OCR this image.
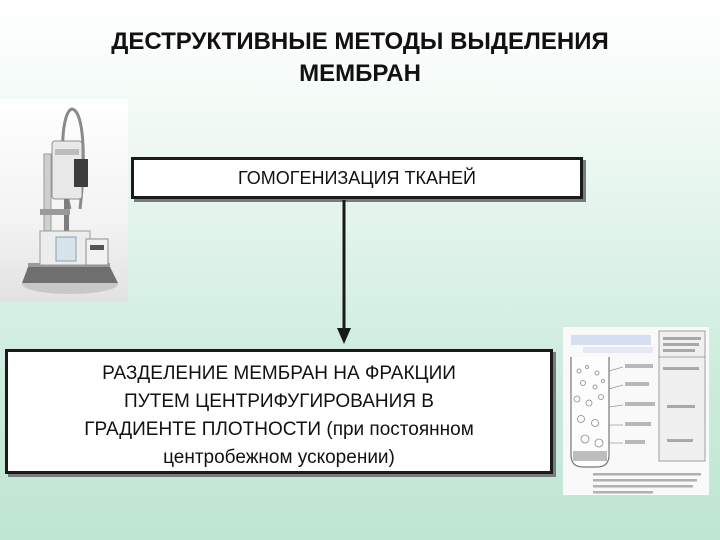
ДЕСТРУКТИВНЫЕ МЕТОДЫ ВЫДЕЛЕНИЯ
МЕМБРАН
ГОМОГЕНИЗАЦИЯ ТКАНЕЙ
РАЗДЕЛЕНИЕ МЕМБРАН НА ФРАКЦИИ
ПУТЕМ ЦЕНТРИФУГИРОВАНИЯ В
ГРАДИЕНТЕ ПЛОТНОСТИ (при постоянном
центробежном ускорении)
